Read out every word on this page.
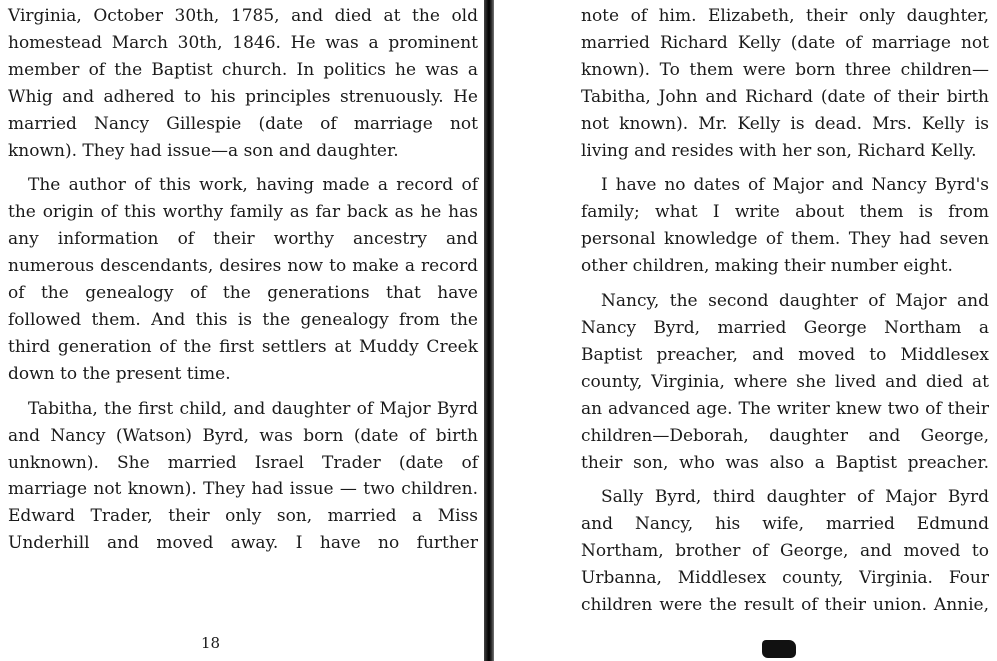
Virginia, October 30th, 1785, and died at the old homestead March 30th, 1846. He was a prominent member of the Baptist church. In politics he was a Whig and adhered to his principles strenuously. He married Nancy Gillespie (date of marriage not known). They had issue—a son and daughter.

The author of this work, having made a record of the origin of this worthy family as far back as he has any information of their worthy ancestry and numerous descendants, desires now to make a record of the genealogy of the generations that have followed them. And this is the genealogy from the third generation of the first settlers at Muddy Creek down to the present time.

Tabitha, the first child, and daughter of Major Byrd and Nancy (Watson) Byrd, was born (date of birth unknown). She married Israel Trader (date of marriage not known). They had issue — two children. Edward Trader, their only son, married a Miss Underhill and moved away. I have no further

note of him. Elizabeth, their only daughter, married Richard Kelly (date of marriage not known). To them were born three children—Tabitha, John and Richard (date of their birth not known). Mr. Kelly is dead. Mrs. Kelly is living and resides with her son, Richard Kelly.

I have no dates of Major and Nancy Byrd's family; what I write about them is from personal knowledge of them. They had seven other children, making their number eight.

Nancy, the second daughter of Major and Nancy Byrd, married George Northam a Baptist preacher, and moved to Middlesex county, Virginia, where she lived and died at an advanced age. The writer knew two of their children—Deborah, daughter and George, their son, who was also a Baptist preacher.

Sally Byrd, third daughter of Major Byrd and Nancy, his wife, married Edmund Northam, brother of George, and moved to Urbanna, Middlesex county, Virginia. Four children were the result of their union. Annie,

18
